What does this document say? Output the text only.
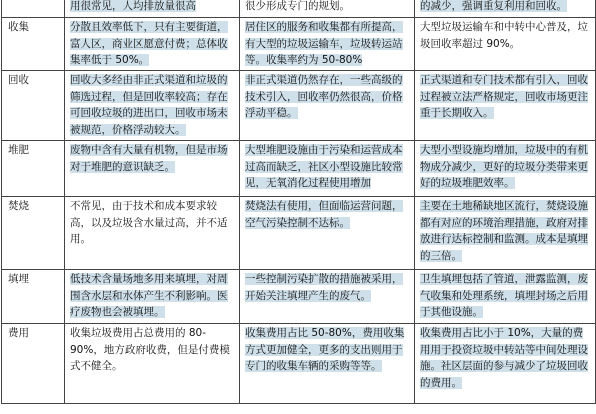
	用很常见，人均排放量很高	很少形成专门的规划。	的减少，强调重复利用和回收。
收集	分散且效率低下，只有主要街道，富人区，商业区愿意付费；总体收集率低于 50%。	居住区的服务和收集都有所提高，有大型的垃圾运输车，垃圾转运站等。收集率约为 50-80%	大型垃圾运输车和中转中心普及，垃圾回收率超过 90%。
回收	回收大多经由非正式渠道和垃圾的筛选过程，但是回收率较高；存在可回收垃圾的进出口，回收市场未被规范，价格浮动较大。	非正式渠道仍然存在，一些高级的技术引入，回收率仍然很高，价格浮动平稳。	正式渠道和专门技术都有引入，回收过程被立法严格规定，回收市场更注重于长期收入。
堆肥	废物中含有大量有机物，但是市场对于堆肥的意识缺乏。	大型堆肥设施由于污染和运营成本过高而缺乏，社区小型设施比较常见，无氧消化过程使用增加	大型小型设施均增加，垃圾中的有机物成分减少，更好的垃圾分类带来更好的垃圾堆肥效率。
焚烧	不常见，由于技术和成本要求较高，以及垃圾含水量过高，并不适用。	焚烧法有使用，但面临运营问题，空气污染控制不达标。	主要在土地稀缺地区流行，焚烧设施都有对应的环境治理措施，政府对排放进行达标控制和监测。成本是填埋的三倍。
填埋	低技术含量场地多用来填埋，对周围含水层和水体产生不利影响。医疗废物也会被填埋。	一些控制污染扩散的措施被采用，开始关注填埋产生的废气。	卫生填埋包括了管道，泄露监测，废气收集和处理系统，填埋封场之后用于其他设施。
费用	收集垃圾费用占总费用的 80-90%，地方政府收费，但是付费模式不健全。	收集费用占比 50-80%，费用收集方式更加健全，更多的支出则用于专门的收集车辆的采购等等。	收集费用占比小于 10%，大量的费用用于投资垃圾中转站等中间处理设施。社区层面的参与减少了垃圾回收的费用。
